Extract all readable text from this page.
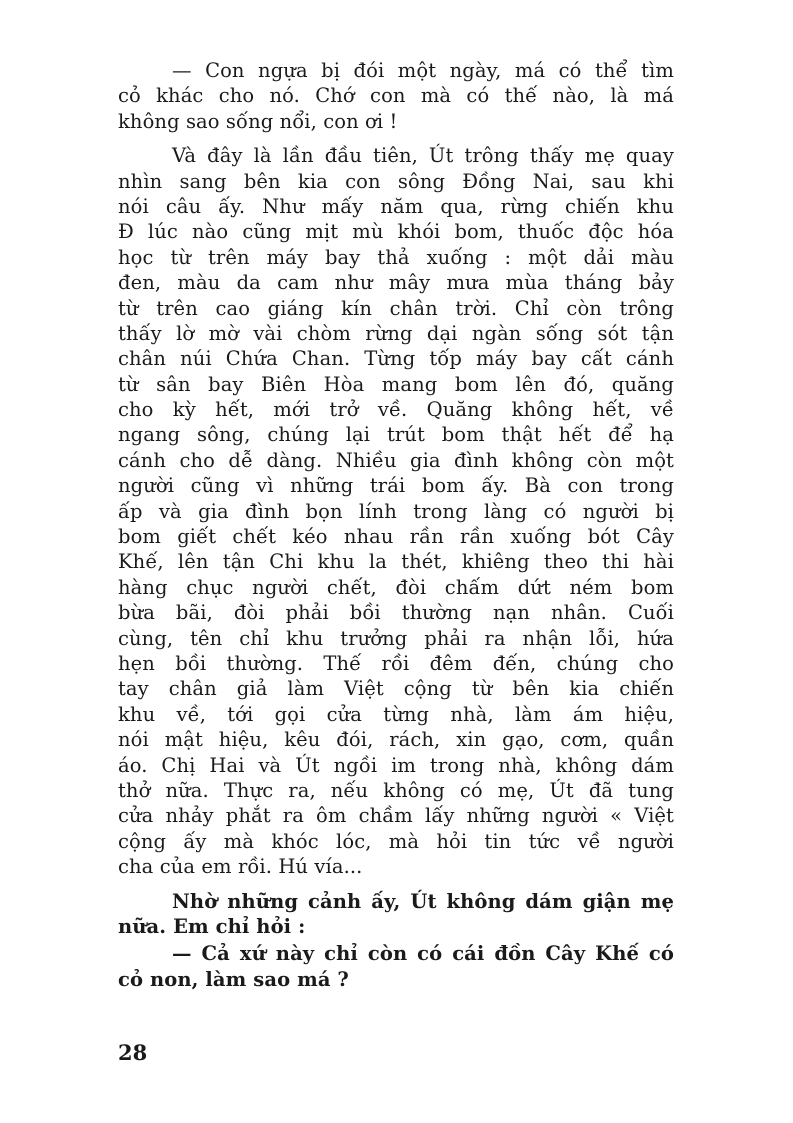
— Con ngựa bị đói một ngày, má có thể tìm
cỏ khác cho nó. Chớ con mà có thế nào, là má
không sao sống nổi, con ơi !

Và đây là lần đầu tiên, Út trông thấy mẹ quay
nhìn sang bên kia con sông Đồng Nai, sau khi
nói câu ấy. Như mấy năm qua, rừng chiến khu
Đ lúc nào cũng mịt mù khói bom, thuốc độc hóa
học từ trên máy bay thả xuống : một dải màu
đen, màu da cam như mây mưa mùa tháng bảy
từ trên cao giáng kín chân trời. Chỉ còn trông
thấy lờ mờ vài chòm rừng dại ngàn sống sót tận
chân núi Chứa Chan. Từng tốp máy bay cất cánh
từ sân bay Biên Hòa mang bom lên đó, quăng
cho kỳ hết, mới trở về. Quăng không hết, về
ngang sông, chúng lại trút bom thật hết để hạ
cánh cho dễ dàng. Nhiều gia đình không còn một
người cũng vì những trái bom ấy. Bà con trong
ấp và gia đình bọn lính trong làng có người bị
bom giết chết kéo nhau rần rần xuống bót Cây
Khế, lên tận Chi khu la thét, khiêng theo thi hài
hàng chục người chết, đòi chấm dứt ném bom
bừa bãi, đòi phải bồi thường nạn nhân. Cuối
cùng, tên chỉ khu trưởng phải ra nhận lỗi, hứa
hẹn bồi thường. Thế rồi đêm đến, chúng cho
tay chân giả làm Việt cộng từ bên kia chiến
khu về, tới gọi cửa từng nhà, làm ám hiệu,
nói mật hiệu, kêu đói, rách, xin gạo, cơm, quần
áo. Chị Hai và Út ngồi im trong nhà, không dám
thở nữa. Thực ra, nếu không có mẹ, Út đã tung
cửa nhảy phắt ra ôm chầm lấy những người « Việt
cộng ấy mà khóc lóc, mà hỏi tin tức về người
cha của em rồi. Hú vía...

Nhờ những cảnh ấy, Út không dám giận mẹ
nữa. Em chỉ hỏi :

— Cả xứ này chỉ còn có cái đồn Cây Khế có
cỏ non, làm sao má ?

28
